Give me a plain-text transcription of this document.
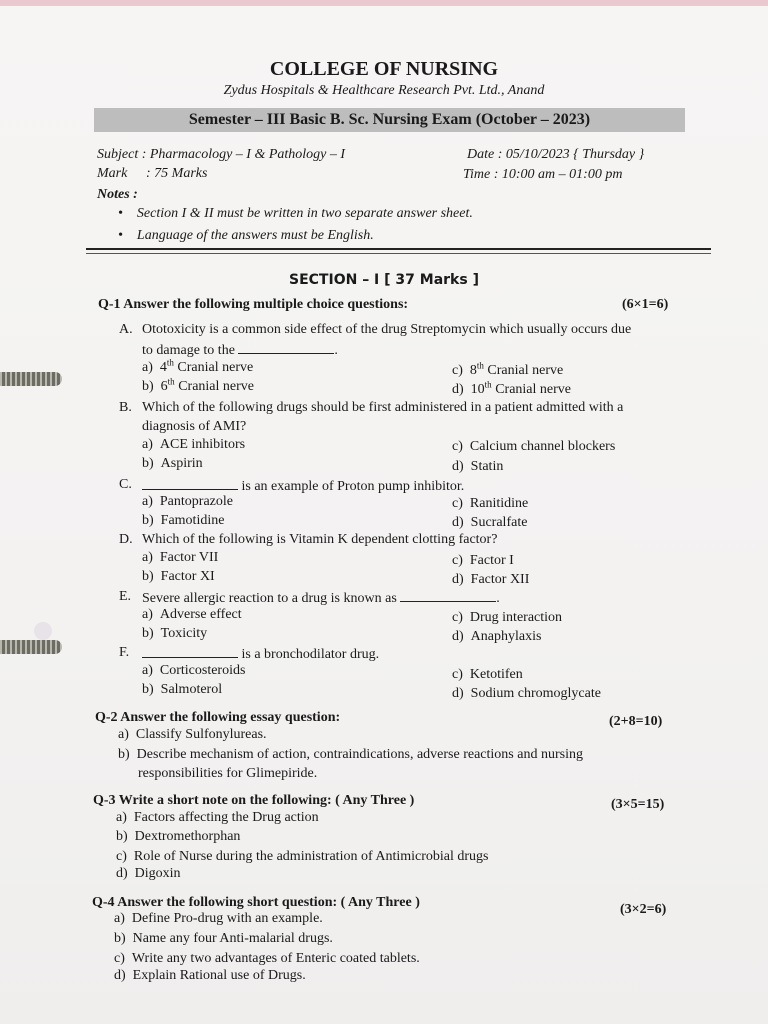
COLLEGE OF NURSING
Zydus Hospitals & Healthcare Research Pvt. Ltd., Anand
Semester – III Basic B. Sc. Nursing Exam (October – 2023)
Subject : Pharmacology – I & Pathology – I
Mark : 75 Marks
Date : 05/10/2023 { Thursday }
Time : 10:00 am – 01:00 pm
Notes :
•    Section I & II must be written in two separate answer sheet.
•    Language of the answers must be English.
SECTION – I [ 37 Marks ]
Q-1 Answer the following multiple choice questions:	(6×1=6)
A. Ototoxicity is a common side effect of the drug Streptomycin which usually occurs due
to damage to the	.
a) 4th Cranial nerve
b) 6th Cranial nerve
c) 8th Cranial nerve
d) 10th Cranial nerve
B. Which of the following drugs should be first administered in a patient admitted with a
diagnosis of AMI?
a) ACE inhibitors
b) Aspirin
c) Calcium channel blockers
d) Statin
C.	is an example of Proton pump inhibitor.
a) Pantoprazole
b) Famotidine
c) Ranitidine
d) Sucralfate
D. Which of the following is Vitamin K dependent clotting factor?
a) Factor VII
b) Factor XI
c) Factor I
d) Factor XII
E. Severe allergic reaction to a drug is known as	.
a) Adverse effect
b) Toxicity
c) Drug interaction
d) Anaphylaxis
F.	is a bronchodilator drug.
a) Corticosteroids
b) Salmoterol
c) Ketotifen
d) Sodium chromoglycate
Q-2 Answer the following essay question:	(2+8=10)
a) Classify Sulfonylureas.
b) Describe mechanism of action, contraindications, adverse reactions and nursing
responsibilities for Glimepiride.
Q-3 Write a short note on the following: ( Any Three )	(3×5=15)
a) Factors affecting the Drug action
b) Dextromethorphan
c) Role of Nurse during the administration of Antimicrobial drugs
d) Digoxin
Q-4 Answer the following short question: ( Any Three )	(3×2=6)
a) Define Pro-drug with an example.
b) Name any four Anti-malarial drugs.
c) Write any two advantages of Enteric coated tablets.
d) Explain Rational use of Drugs.
